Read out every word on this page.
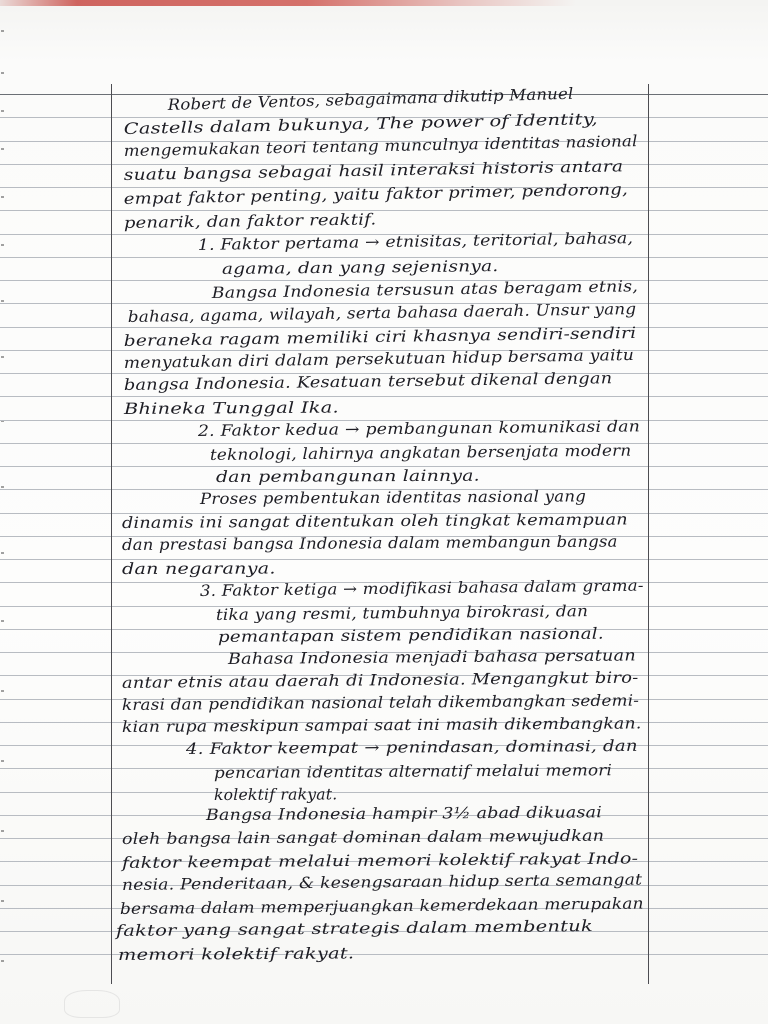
Robert de Ventos, sebagaimana dikutip Manuel
Castells dalam bukunya, The power of Identity,
mengemukakan teori tentang munculnya identitas nasional
suatu bangsa sebagai hasil interaksi historis antara
empat faktor penting, yaitu faktor primer, pendorong,
penarik, dan faktor reaktif.
1. Faktor pertama → etnisitas, teritorial, bahasa,
agama, dan yang sejenisnya.
Bangsa Indonesia tersusun atas beragam etnis,
bahasa, agama, wilayah, serta bahasa daerah. Unsur yang
beraneka ragam memiliki ciri khasnya sendiri-sendiri
menyatukan diri dalam persekutuan hidup bersama yaitu
bangsa Indonesia. Kesatuan tersebut dikenal dengan
Bhineka Tunggal Ika.
2. Faktor kedua → pembangunan komunikasi dan
teknologi, lahirnya angkatan bersenjata modern
dan pembangunan lainnya.
Proses pembentukan identitas nasional yang
dinamis ini sangat ditentukan oleh tingkat kemampuan
dan prestasi bangsa Indonesia dalam membangun bangsa
dan negaranya.
3. Faktor ketiga → modifikasi bahasa dalam grama-
tika yang resmi, tumbuhnya birokrasi, dan
pemantapan sistem pendidikan nasional.
Bahasa Indonesia menjadi bahasa persatuan
antar etnis atau daerah di Indonesia. Mengangkut biro-
krasi dan pendidikan nasional telah dikembangkan sedemi-
kian rupa meskipun sampai saat ini masih dikembangkan.
4. Faktor keempat → penindasan, dominasi, dan
pencarian identitas alternatif melalui memori
kolektif rakyat.
Bangsa Indonesia hampir 3½ abad dikuasai
oleh bangsa lain sangat dominan dalam mewujudkan
faktor keempat melalui memori kolektif rakyat Indo-
nesia. Penderitaan, & kesengsaraan hidup serta semangat
bersama dalam memperjuangkan kemerdekaan merupakan
faktor yang sangat strategis dalam membentuk
memori kolektif rakyat.
